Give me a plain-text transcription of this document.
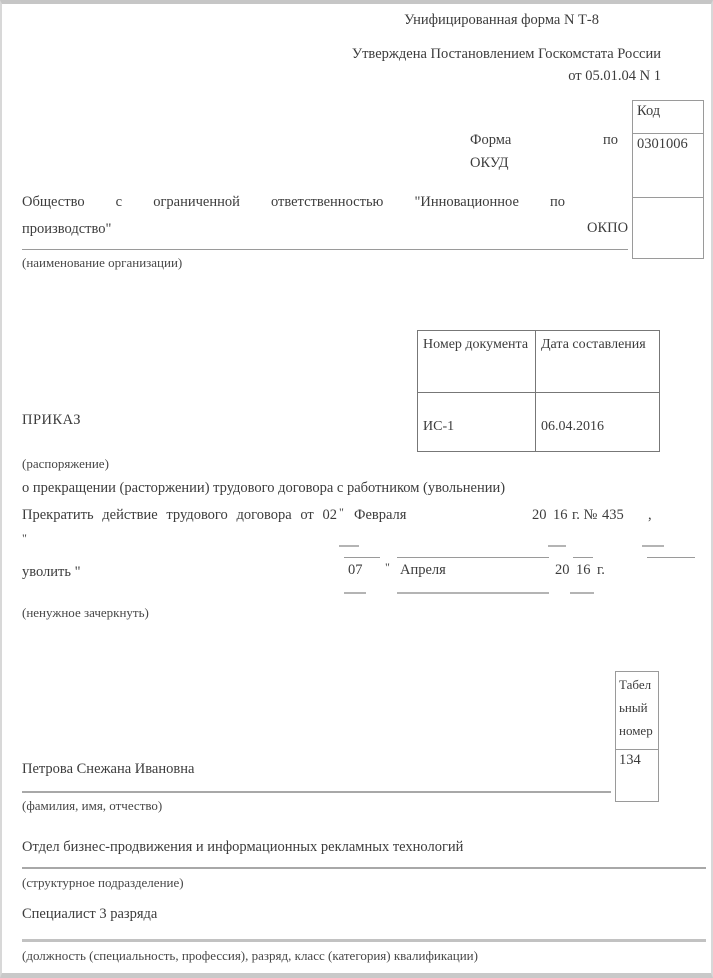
Унифицированная форма N Т-8
Утверждена Постановлением Госкомстата России
от 05.01.04 N 1
Код
0301006
Форма	по
ОКУД
ОКПО
Общество с ограниченной ответственностью "Инновационное по
производство"
(наименование организации)
Номер документа	Дата составления
ИС-1	06.04.2016
ПРИКАЗ
(распоряжение)
о прекращении (расторжении) трудового договора с работником (увольнении)
Прекратить действие трудового договора от 02 " Февраля	20 16 г. № 435 ,
"
уволить "	07 " Апреля	20 16 г.
(ненужное зачеркнуть)
Табел
ьный
номер
134
Петрова Снежана Ивановна
(фамилия, имя, отчество)
Отдел бизнес-продвижения и информационных рекламных технологий
(структурное подразделение)
Специалист 3 разряда
(должность (специальность, профессия), разряд, класс (категория) квалификации)
